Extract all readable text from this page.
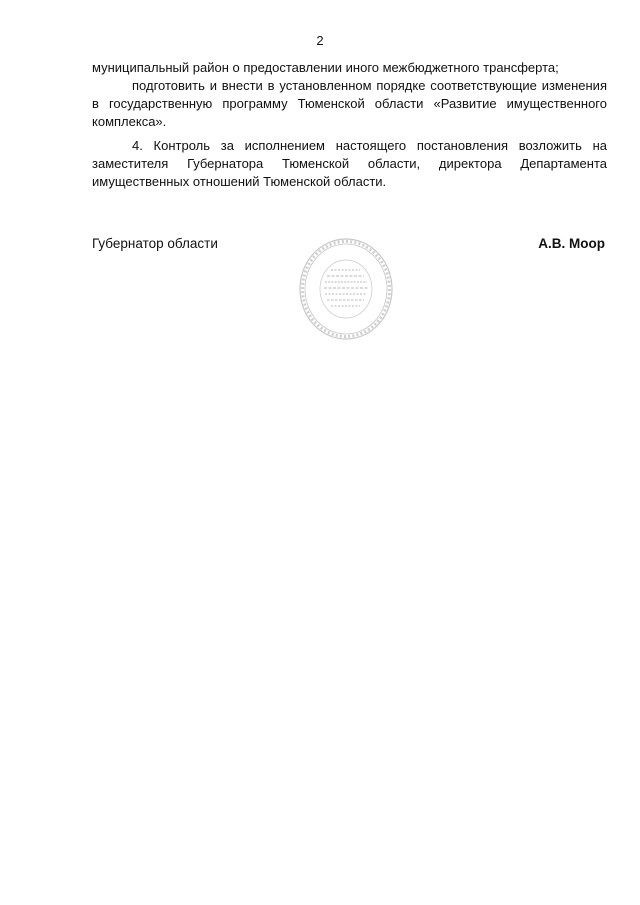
2

муниципальный район о предоставлении иного межбюджетного трансферта;

подготовить и внести в установленном порядке соответствующие изменения в государственную программу Тюменской области «Развитие имущественного комплекса».

4. Контроль за исполнением настоящего постановления возложить на заместителя Губернатора Тюменской области, директора Департамента имущественных отношений Тюменской области.

Губернатор области	А.В. Моор
